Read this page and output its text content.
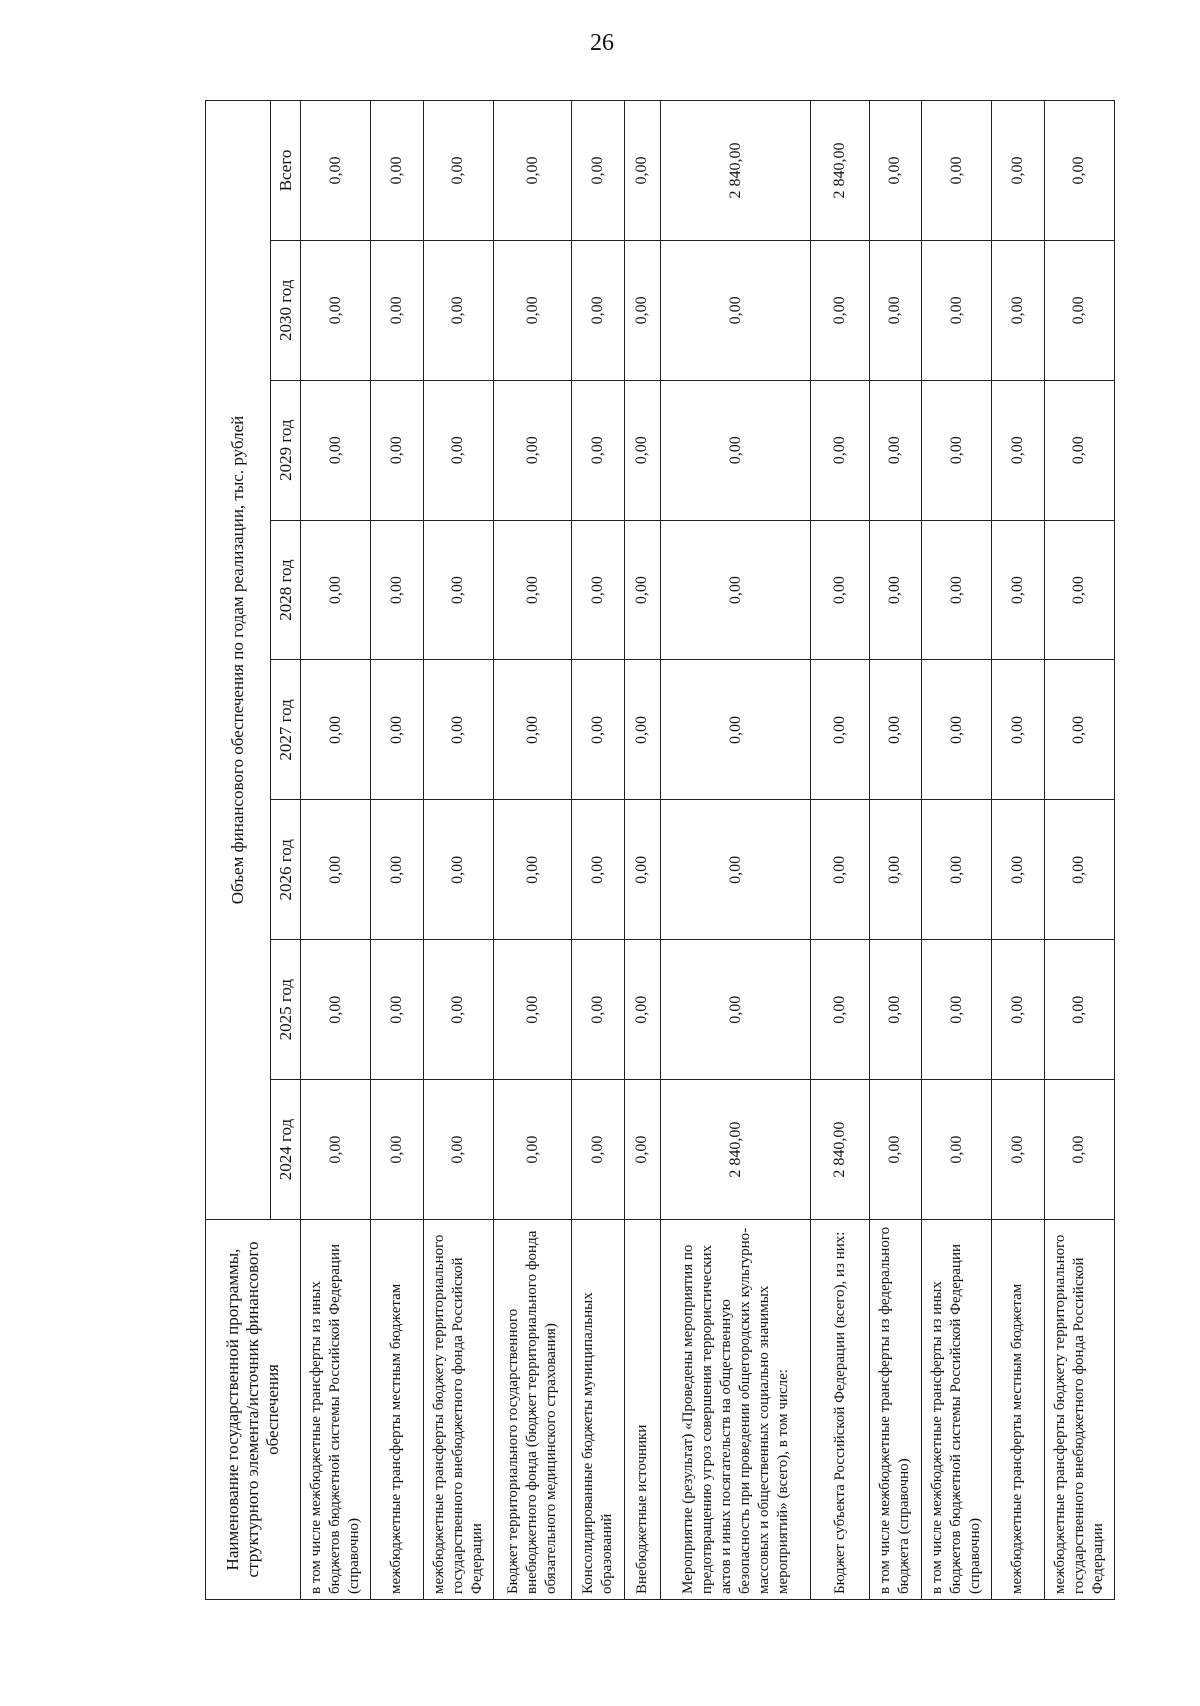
26
Наименование государственной программы, структурного элемента/источник финансового обеспечения	Объем финансового обеспечения по годам реализации, тыс. рублей							
	2024 год	2025 год	2026 год	2027 год	2028 год	2029 год	2030 год	Всего
в том числе межбюджетные трансферты из иных бюджетов бюджетной системы Российской Федерации (справочно)	0,00	0,00	0,00	0,00	0,00	0,00	0,00	0,00
межбюджетные трансферты местным бюджетам	0,00	0,00	0,00	0,00	0,00	0,00	0,00	0,00
межбюджетные трансферты бюджету территориального государственного внебюджетного фонда Российской Федерации	0,00	0,00	0,00	0,00	0,00	0,00	0,00	0,00
Бюджет территориального государственного внебюджетного фонда (бюджет территориального фонда обязательного медицинского страхования)	0,00	0,00	0,00	0,00	0,00	0,00	0,00	0,00
Консолидированные бюджеты муниципальных образований	0,00	0,00	0,00	0,00	0,00	0,00	0,00	0,00
Внебюджетные источники	0,00	0,00	0,00	0,00	0,00	0,00	0,00	0,00
Мероприятие (результат) «Проведены мероприятия по предотвращению угроз совершения террористических актов и иных посягательств на общественную безопасность при проведении общегородских культурно-массовых и общественных социально значимых мероприятий» (всего), в том числе:	2 840,00	0,00	0,00	0,00	0,00	0,00	0,00	2 840,00
Бюджет субъекта Российской Федерации (всего), из них:	2 840,00	0,00	0,00	0,00	0,00	0,00	0,00	2 840,00
в том числе межбюджетные трансферты из федерального бюджета (справочно)	0,00	0,00	0,00	0,00	0,00	0,00	0,00	0,00
в том числе межбюджетные трансферты из иных бюджетов бюджетной системы Российской Федерации (справочно)	0,00	0,00	0,00	0,00	0,00	0,00	0,00	0,00
межбюджетные трансферты местным бюджетам	0,00	0,00	0,00	0,00	0,00	0,00	0,00	0,00
межбюджетные трансферты бюджету территориального государственного внебюджетного фонда Российской Федерации	0,00	0,00	0,00	0,00	0,00	0,00	0,00	0,00
